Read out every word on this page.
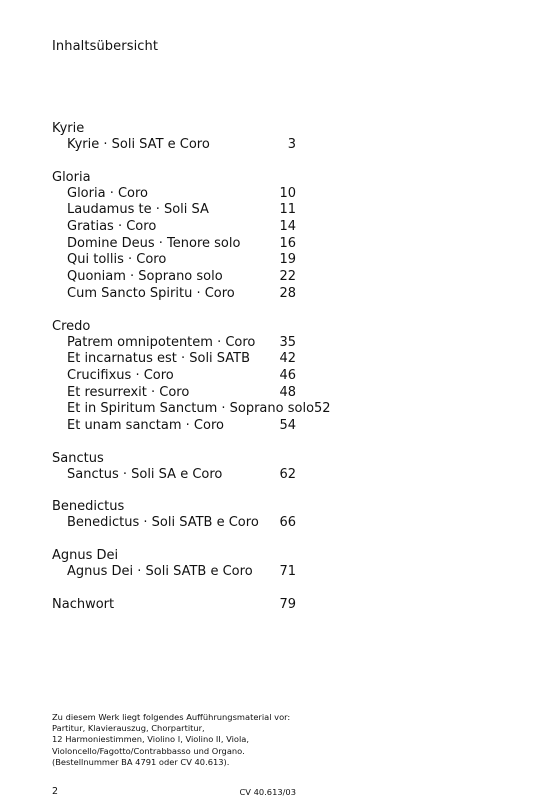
Inhaltsübersicht
Kyrie
Kyrie · Soli SAT e Coro	3
Gloria
Gloria · Coro	10
Laudamus te · Soli SA	11
Gratias · Coro	14
Domine Deus · Tenore solo	16
Qui tollis · Coro	19
Quoniam · Soprano solo	22
Cum Sancto Spiritu · Coro	28
Credo
Patrem omnipotentem · Coro 35
Et incarnatus est · Soli SATB 42
Crucifixus · Coro	46
Et resurrexit · Coro	48
Et in Spiritum Sanctum · Soprano solo 52
Et unam sanctam · Coro	54
Sanctus
Sanctus · Soli SA e Coro	62
Benedictus
Benedictus · Soli SATB e Coro 66
Agnus Dei
Agnus Dei · Soli SATB e Coro 71
Nachwort	79
Zu diesem Werk liegt folgendes Aufführungsmaterial vor:
Partitur, Klavierauszug, Chorpartitur,
12 Harmoniestimmen, Violino I, Violino II, Viola,
Violoncello/Fagotto/Contrabbasso und Organo.
(Bestellnummer BA 4791 oder CV 40.613).
2	CV 40.613/03
